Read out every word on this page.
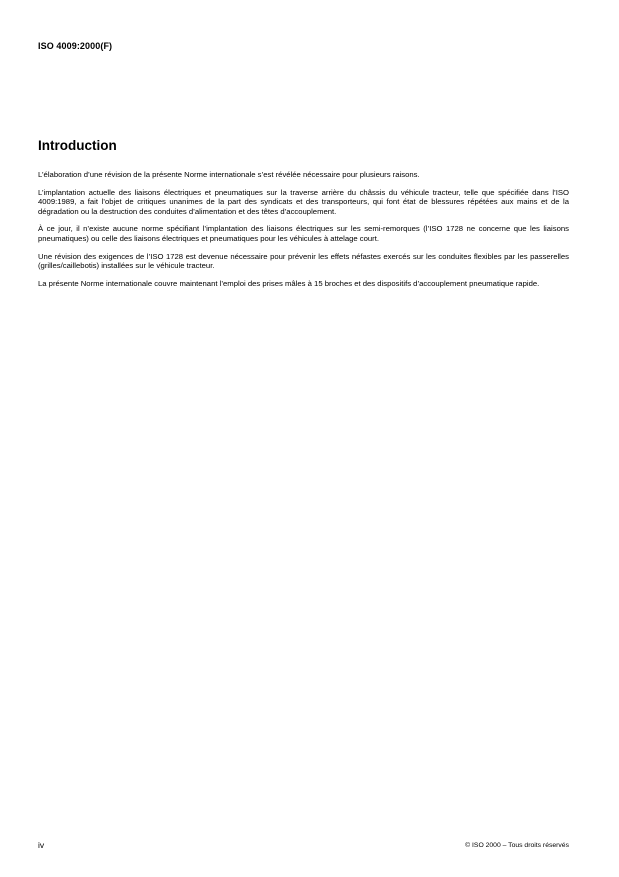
ISO 4009:2000(F)
Introduction

L’élaboration d’une révision de la présente Norme internationale s’est révélée nécessaire pour plusieurs raisons.

L’implantation actuelle des liaisons électriques et pneumatiques sur la traverse arrière du châssis du véhicule tracteur, telle que spécifiée dans l’ISO 4009:1989, a fait l’objet de critiques unanimes de la part des syndicats et des transporteurs, qui font état de blessures répétées aux mains et de la dégradation ou la destruction des conduites d’alimentation et des têtes d’accouplement.

À ce jour, il n’existe aucune norme spécifiant l’implantation des liaisons électriques sur les semi-remorques (l’ISO 1728 ne concerne que les liaisons pneumatiques) ou celle des liaisons électriques et pneumatiques pour les véhicules à attelage court.

Une révision des exigences de l’ISO 1728 est devenue nécessaire pour prévenir les effets néfastes exercés sur les conduites flexibles par les passerelles (grilles/caillebotis) installées sur le véhicule tracteur.

La présente Norme internationale couvre maintenant l’emploi des prises mâles à 15 broches et des dispositifs d’accouplement pneumatique rapide.

iv	© ISO 2000 – Tous droits réservés
